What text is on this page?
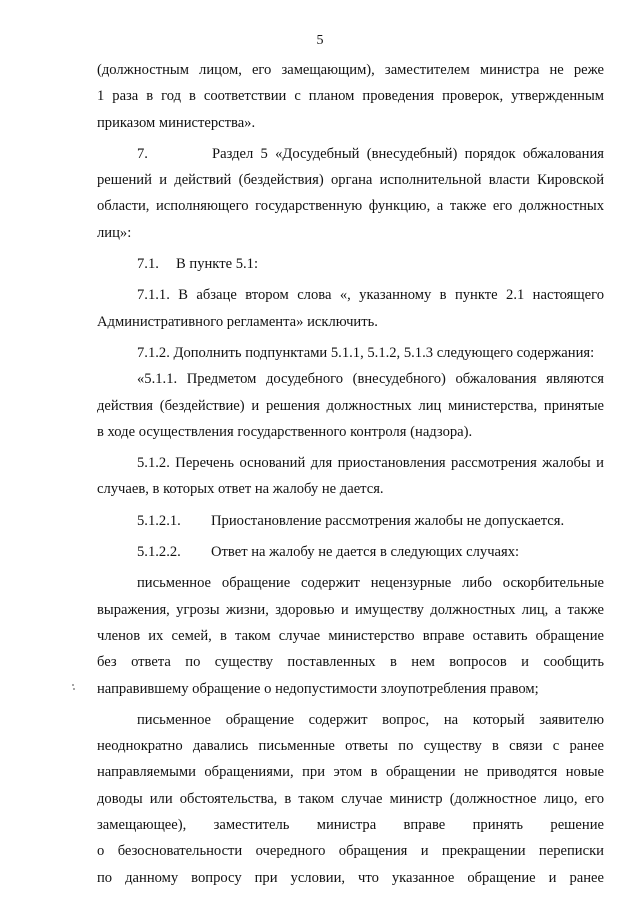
5
(должностным лицом, его замещающим), заместителем министра не реже
1 раза в год в соответствии с планом проведения проверок, утвержденным
приказом министерства».
7.	Раздел 5 «Досудебный (внесудебный) порядок обжалования
решений и действий (бездействия) органа исполнительной власти Кировской
области, исполняющего государственную функцию, а также его должностных
лиц»:
7.1. В пункте 5.1:
7.1.1. В абзаце втором слова «, указанному в пункте 2.1 настоящего
Административного регламента» исключить.
7.1.2. Дополнить подпунктами 5.1.1, 5.1.2, 5.1.3 следующего содержания:
«5.1.1. Предметом досудебного (внесудебного) обжалования являются
действия (бездействие) и решения должностных лиц министерства, принятые
в ходе осуществления государственного контроля (надзора).
5.1.2. Перечень оснований для приостановления рассмотрения жалобы и
случаев, в которых ответ на жалобу не дается.
5.1.2.1. Приостановление рассмотрения жалобы не допускается.
5.1.2.2. Ответ на жалобу не дается в следующих случаях:
письменное обращение содержит нецензурные либо оскорбительные
выражения, угрозы жизни, здоровью и имуществу должностных лиц, а также
членов их семей, в таком случае министерство вправе оставить обращение
без ответа по существу поставленных в нем вопросов и сообщить
направившему обращение о недопустимости злоупотребления правом;
письменное обращение содержит вопрос, на который заявителю
неоднократно давались письменные ответы по существу в связи с ранее
направляемыми обращениями, при этом в обращении не приводятся новые
доводы или обстоятельства, в таком случае министр (должностное лицо, его
замещающее), заместитель министра вправе принять решение
о безосновательности очередного обращения и прекращении переписки
по данному вопросу при условии, что указанное обращение и ранее
